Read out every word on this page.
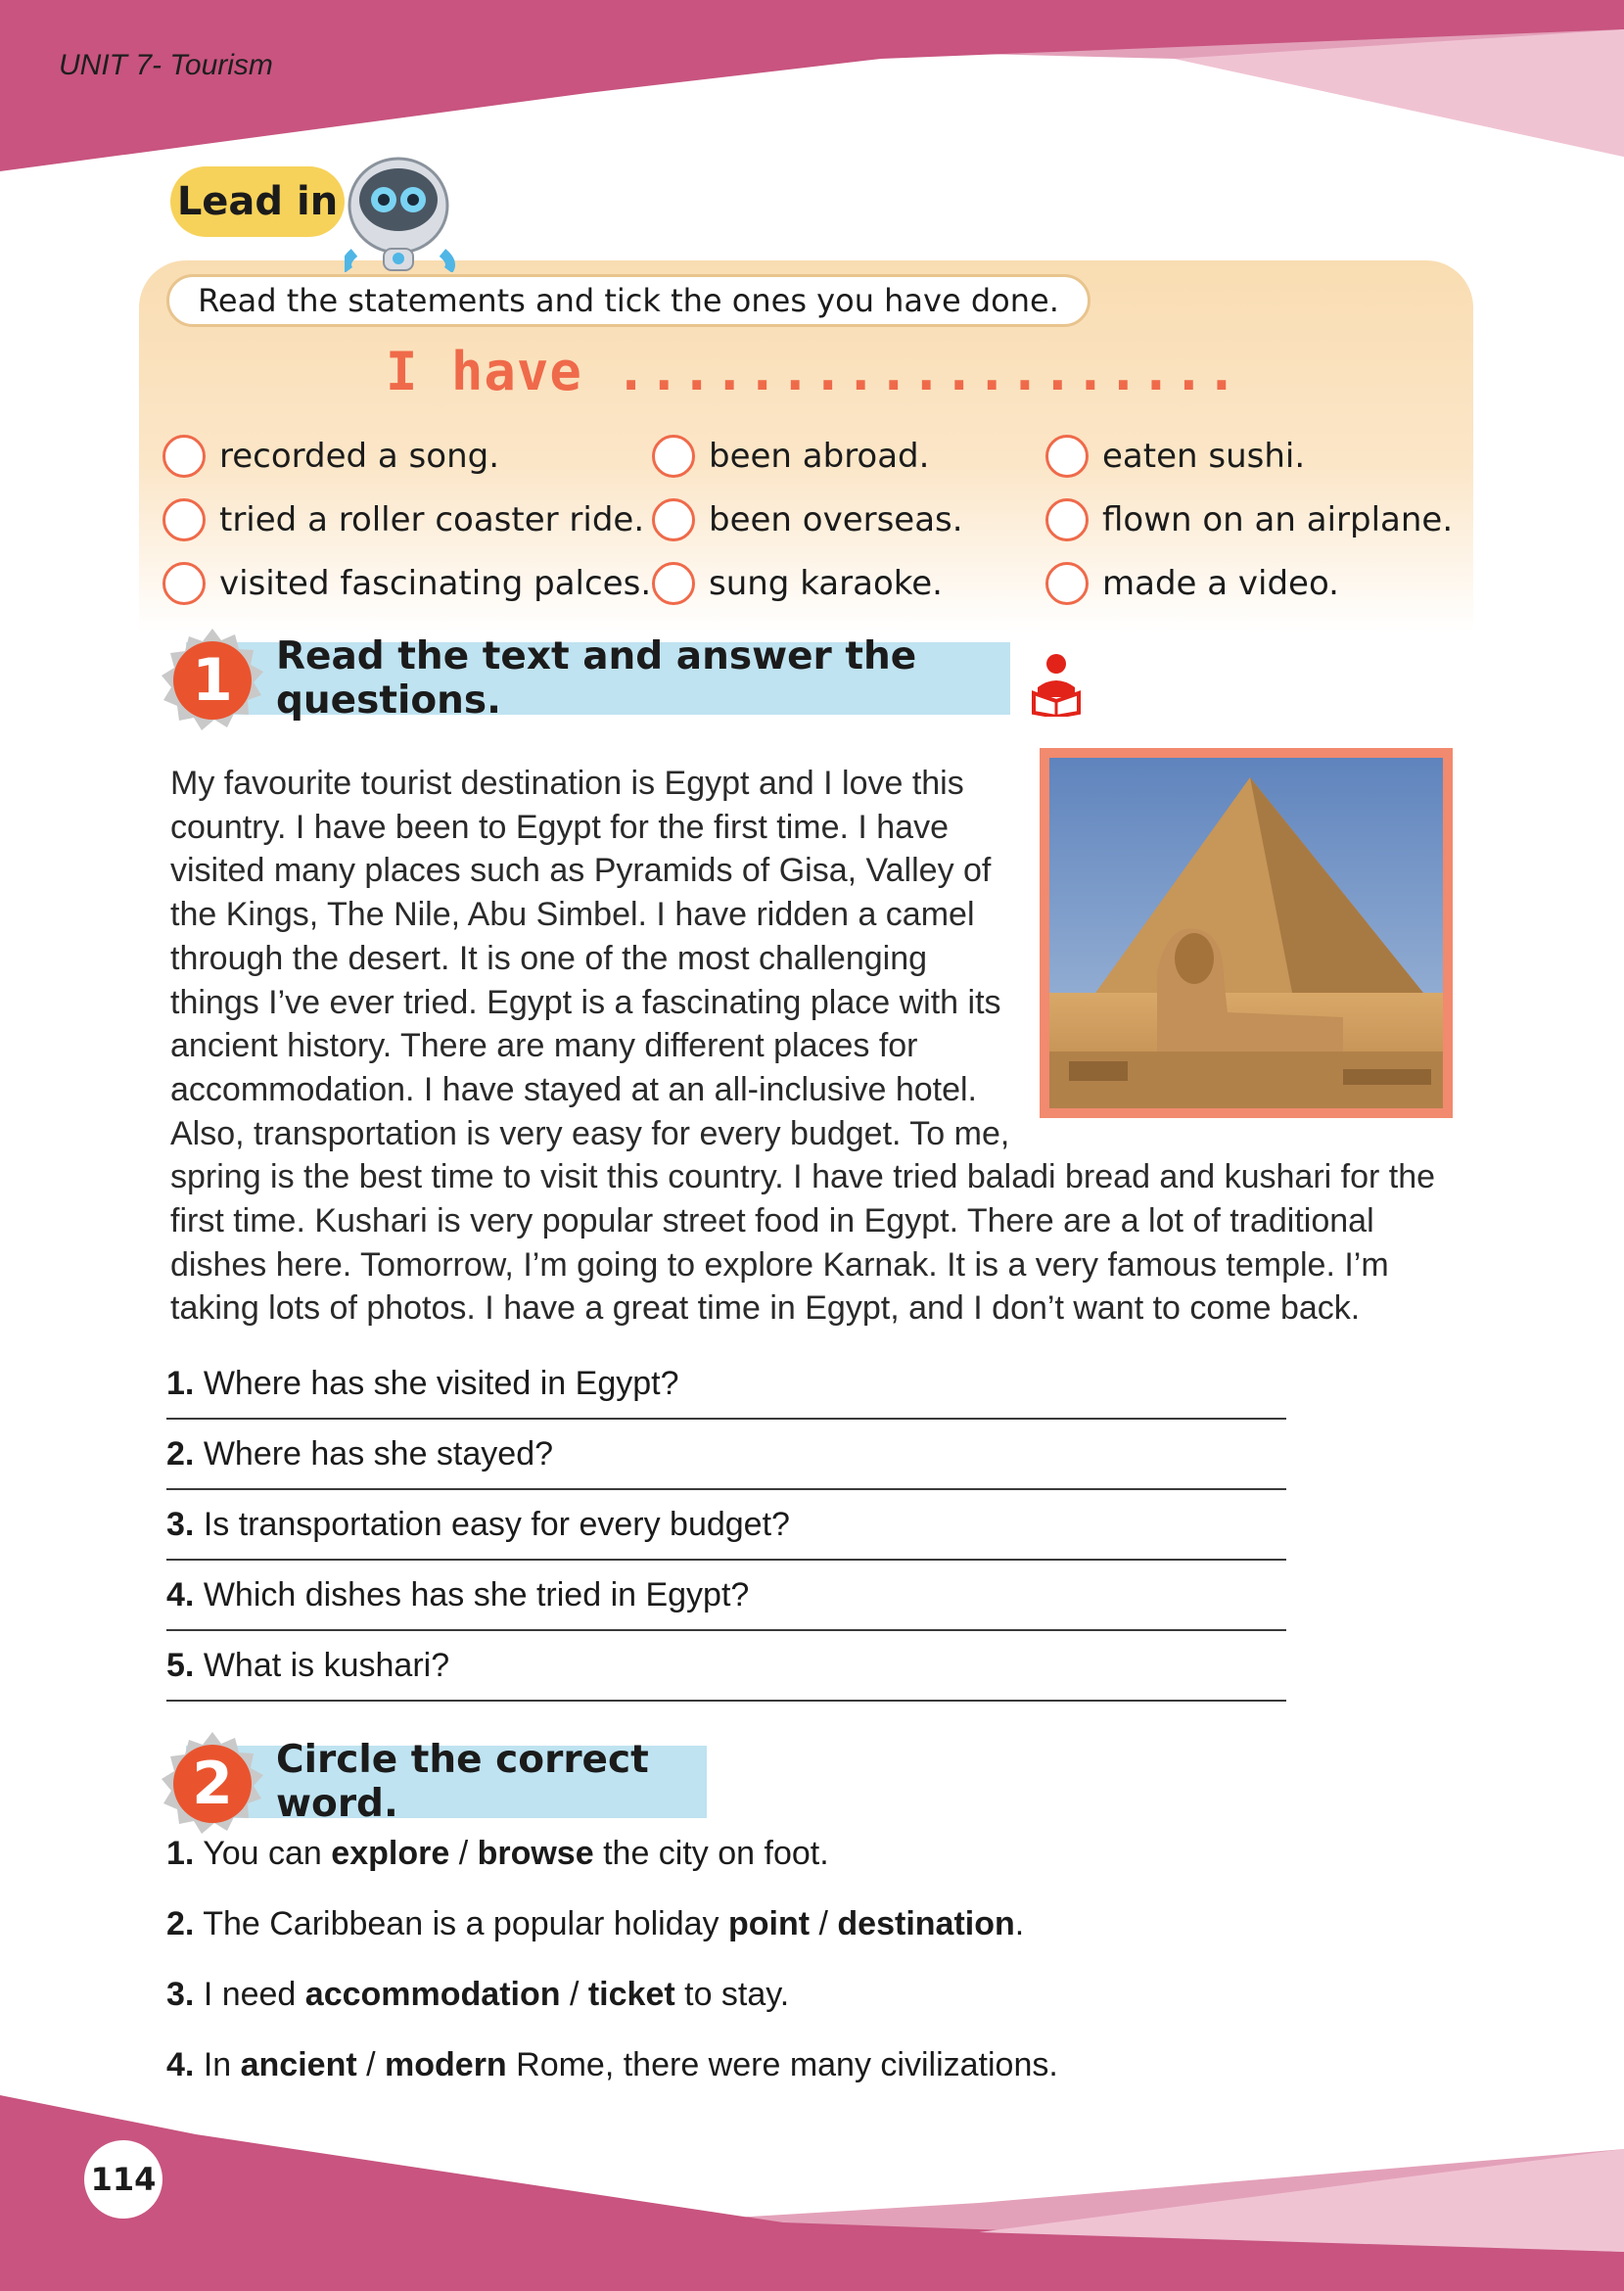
UNIT 7- Tourism
Lead in
Read the statements and tick the ones you have done.
I have ...................
recorded a song.
tried a roller coaster ride.
visited fascinating palces.
been abroad.
been overseas.
sung karaoke.
eaten sushi.
flown on an airplane.
made a video.
Read the text and answer the questions.
1
My favourite tourist destination is Egypt and I love this country. I have been to Egypt for the first time. I have visited many places such as Pyramids of Gisa, Valley of the Kings, The Nile, Abu Simbel. I have ridden a camel through the desert. It is one of the most challenging things I’ve ever tried. Egypt is a fascinating place with its ancient history. There are many different places for accommodation. I have stayed at an all-inclusive hotel. Also, transportation is very easy for every budget. To me, spring is the best time to visit this country. I have tried baladi bread and kushari for the first time. Kushari is very popular street food in Egypt. There are a lot of traditional dishes here. Tomorrow, I’m going to explore Karnak. It is a very famous temple. I’m taking lots of photos. I have a great time in Egypt, and I don’t want to come back.
1. Where has she visited in Egypt?
2. Where has she stayed?
3. Is transportation easy for every budget?
4. Which dishes has she tried in Egypt?
5. What is kushari?
Circle the correct word.
2
1. You can explore / browse the city on foot.
2. The Caribbean is a popular holiday point / destination.
3. I need accommodation / ticket to stay.
4. In ancient / modern Rome, there were many civilizations.
114
